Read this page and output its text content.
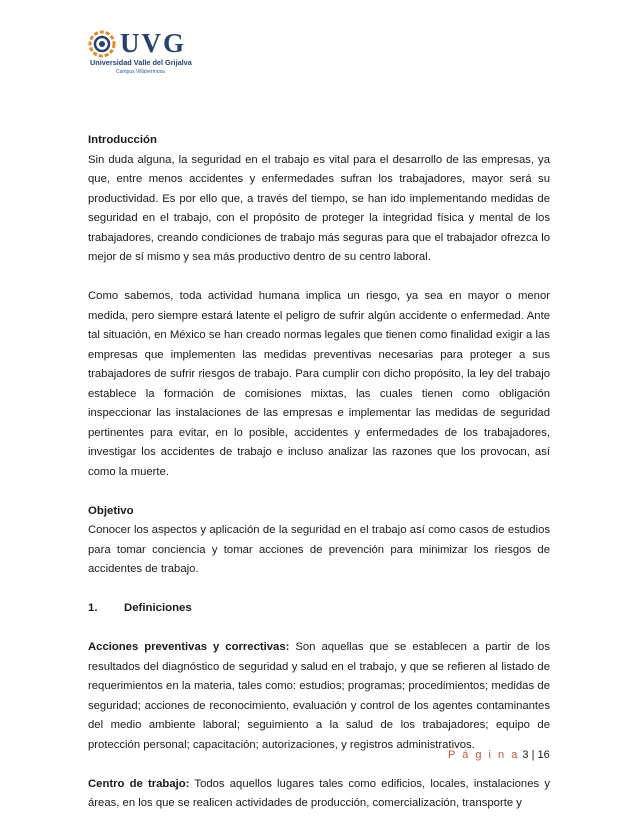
UVG
Universidad Valle del Grijalva
Campus Villahermosa

Introducción

Sin duda alguna, la seguridad en el trabajo es vital para el desarrollo de las empresas, ya que, entre menos accidentes y enfermedades sufran los trabajadores, mayor será su productividad. Es por ello que, a través del tiempo, se han ido implementando medidas de seguridad en el trabajo, con el propósito de proteger la integridad física y mental de los trabajadores, creando condiciones de trabajo más seguras para que el trabajador ofrezca lo mejor de sí mismo y sea más productivo dentro de su centro laboral.

Como sabemos, toda actividad humana implica un riesgo, ya sea en mayor o menor medida, pero siempre estará latente el peligro de sufrir algún accidente o enfermedad. Ante tal situación, en México se han creado normas legales que tienen como finalidad exigir a las empresas que implementen las medidas preventivas necesarias para proteger a sus trabajadores de sufrir riesgos de trabajo. Para cumplir con dicho propósito, la ley del trabajo establece la formación de comisiones mixtas, las cuales tienen como obligación inspeccionar las instalaciones de las empresas e implementar las medidas de seguridad pertinentes para evitar, en lo posible, accidentes y enfermedades de los trabajadores, investigar los accidentes de trabajo e incluso analizar las razones que los provocan, así como la muerte.

Objetivo

Conocer los aspectos y aplicación de la seguridad en el trabajo así como casos de estudios para tomar conciencia y tomar acciones de prevención para minimizar los riesgos de accidentes de trabajo.

1.	Definiciones

Acciones preventivas y correctivas: Son aquellas que se establecen a partir de los resultados del diagnóstico de seguridad y salud en el trabajo, y que se refieren al listado de requerimientos en la materia, tales como: estudios; programas; procedimientos; medidas de seguridad; acciones de reconocimiento, evaluación y control de los agentes contaminantes del medio ambiente laboral; seguimiento a la salud de los trabajadores; equipo de protección personal; capacitación; autorizaciones, y registros administrativos.

Centro de trabajo: Todos aquellos lugares tales como edificios, locales, instalaciones y áreas, en los que se realicen actividades de producción, comercialización, transporte y

P á g i n a 3 | 16
